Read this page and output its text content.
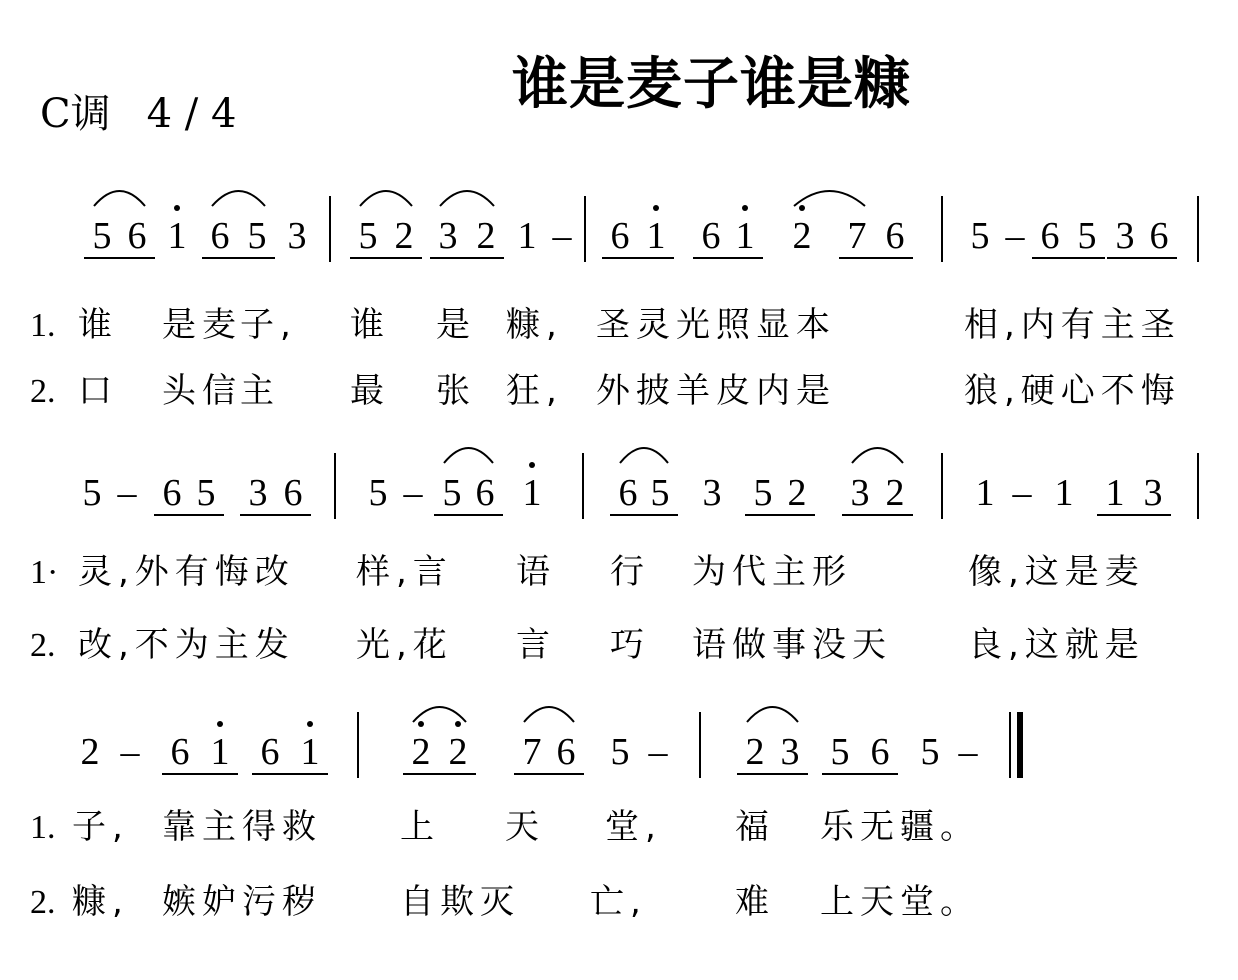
谁是麦子谁是糠
C调 4 / 4
5 6 1 6 5 3 5 2 3 2 1 – 6 1 6 1 2 7 6 5 – 6 5 3 6
1. 谁 是麦
子, 谁 是 糠, 圣灵光照显本	相,内有主圣
2. 口 头信
主 最 张 狂, 外披羊皮内是	狼,硬心不悔
5 – 6 5 3 6 5 – 5 6 1 6 5 3 5 2 3 2 1 – 1 1 3
1· 灵,外有悔改 样,言 语 行 为代主形	像,这是麦
2. 改,不为主发 光,花 言 巧 语做事没天 良,这就是
2 – 6 1 6 1 2 2 7 6 5 – 2 3 5 6 5 –
1. 子, 靠主得救 上 天 堂, 福 乐无疆。
2. 糠, 嫉妒污秽 自欺灭 亡,	难 上天堂。
